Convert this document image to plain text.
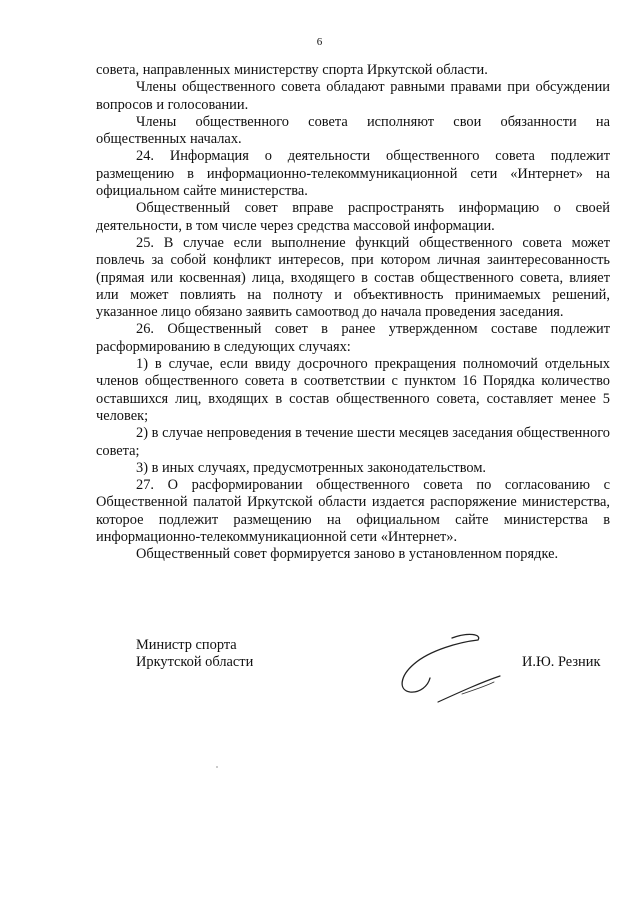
6

совета, направленных министерству спорта Иркутской области.

Члены общественного совета обладают равными правами при обсуждении вопросов и голосовании.

Члены общественного совета исполняют свои обязанности на общественных началах.

24. Информация о деятельности общественного совета подлежит размещению в информационно-телекоммуникационной сети «Интернет» на официальном сайте министерства.

Общественный совет вправе распространять информацию о своей деятельности, в том числе через средства массовой информации.

25. В случае если выполнение функций общественного совета может повлечь за собой конфликт интересов, при котором личная заинтересованность (прямая или косвенная) лица, входящего в состав общественного совета, влияет или может повлиять на полноту и объективность принимаемых решений, указанное лицо обязано заявить самоотвод до начала проведения заседания.

26. Общественный совет в ранее утвержденном составе подлежит расформированию в следующих случаях:

1) в случае, если ввиду досрочного прекращения полномочий отдельных членов общественного совета в соответствии с пунктом 16 Порядка количество оставшихся лиц, входящих в состав общественного совета, составляет менее 5 человек;

2) в случае непроведения в течение шести месяцев заседания общественного совета;

3) в иных случаях, предусмотренных законодательством.

27. О расформировании общественного совета по согласованию с Общественной палатой Иркутской области издается распоряжение министерства, которое подлежит размещению на официальном сайте министерства в информационно-телекоммуникационной сети «Интернет».

Общественный совет формируется заново в установленном порядке.

Министр спорта
Иркутской области	И.Ю. Резник
